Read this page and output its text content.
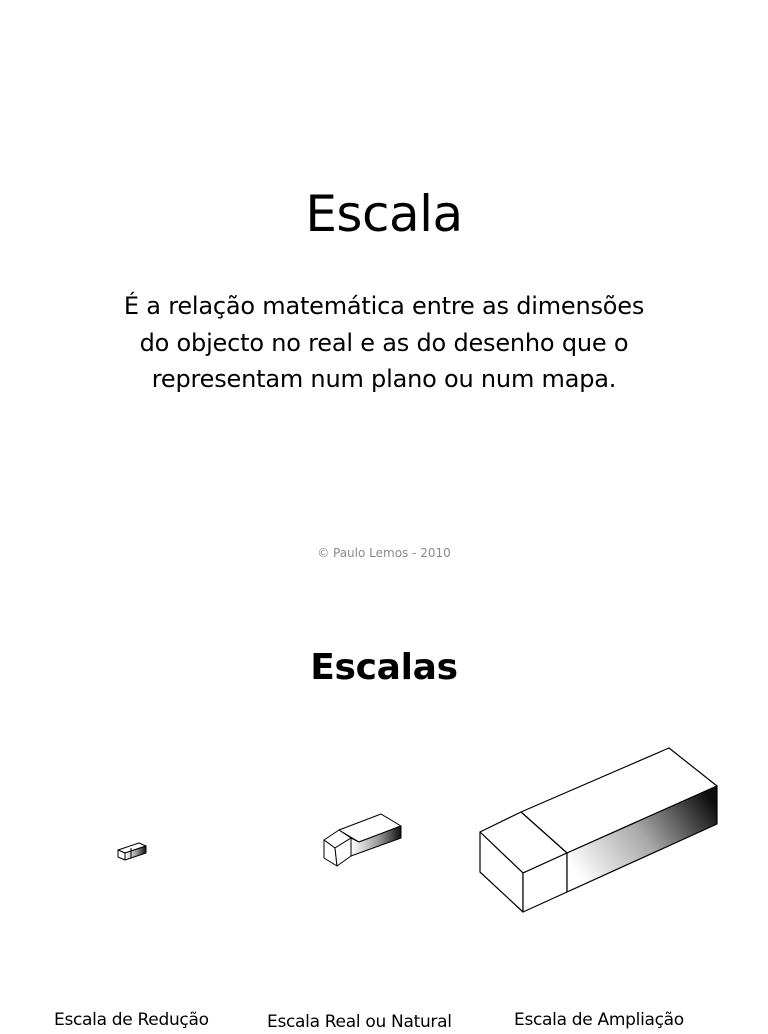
Escala
É a relação matemática entre as dimensões
do objecto no real e as do desenho que o
representam num plano ou num mapa.
© Paulo Lemos - 2010
Escalas
Escala de Redução	Escala Real ou Natural	Escala de Ampliação
